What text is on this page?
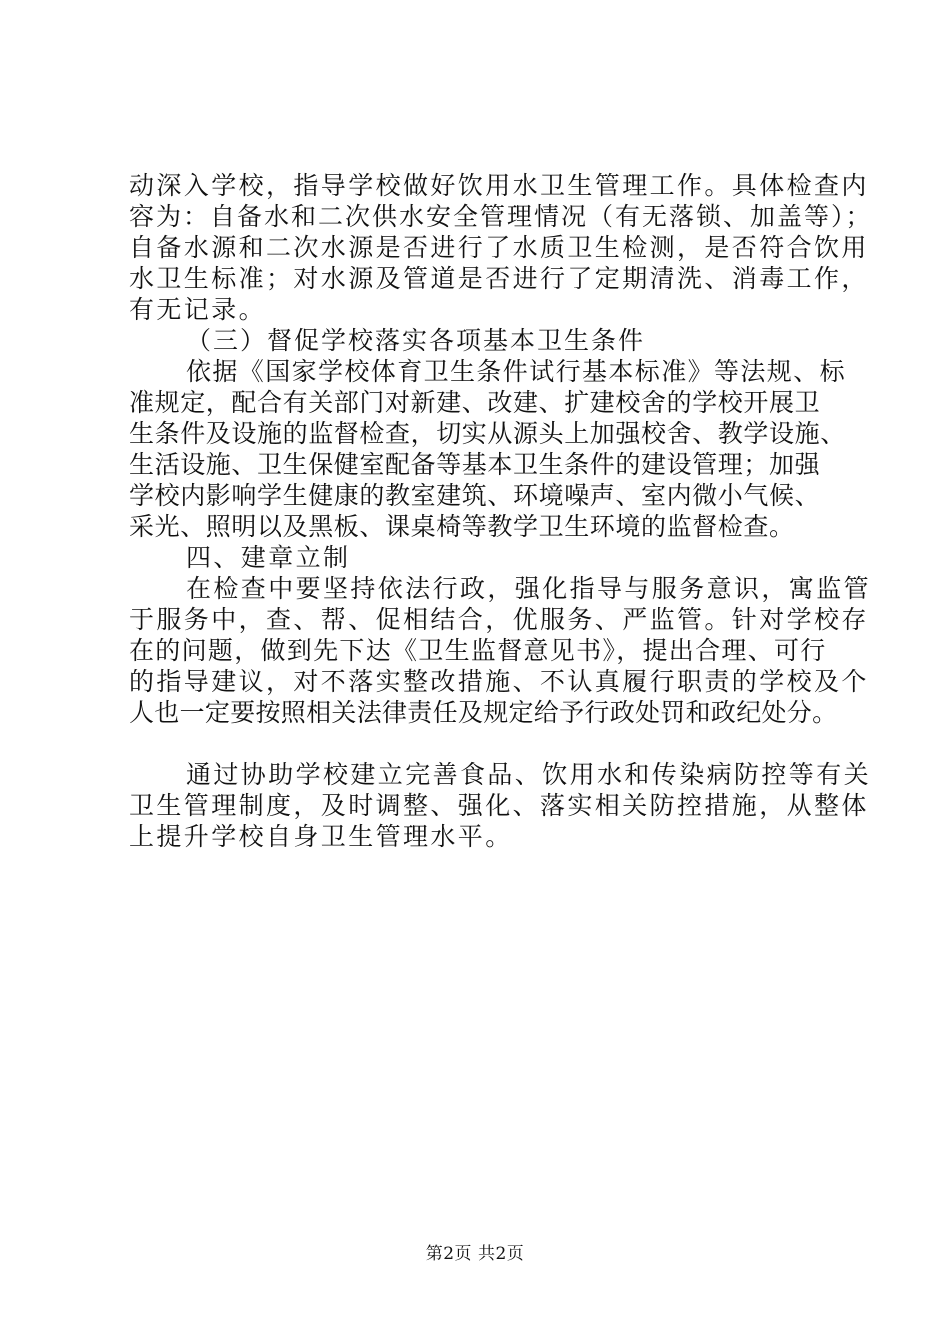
动深入学校，指导学校做好饮用水卫生管理工作。具体检查内
容为：自备水和二次供水安全管理情况（有无落锁、加盖等）；
自备水源和二次水源是否进行了水质卫生检测，是否符合饮用
水卫生标准；对水源及管道是否进行了定期清洗、消毒工作，
有无记录。
（三）督促学校落实各项基本卫生条件
依据《国家学校体育卫生条件试行基本标准》等法规、标
准规定，配合有关部门对新建、改建、扩建校舍的学校开展卫
生条件及设施的监督检查，切实从源头上加强校舍、教学设施、
生活设施、卫生保健室配备等基本卫生条件的建设管理；加强
学校内影响学生健康的教室建筑、环境噪声、室内微小气候、
采光、照明以及黑板、课桌椅等教学卫生环境的监督检查。
四、建章立制
在检查中要坚持依法行政，强化指导与服务意识，寓监管
于服务中，查、帮、促相结合，优服务、严监管。针对学校存
在的问题，做到先下达《卫生监督意见书》，提出合理、可行
的指导建议，对不落实整改措施、不认真履行职责的学校及个
人也一定要按照相关法律责任及规定给予行政处罚和政纪处分。
通过协助学校建立完善食品、饮用水和传染病防控等有关
卫生管理制度，及时调整、强化、落实相关防控措施，从整体
上提升学校自身卫生管理水平。
第2页 共2页
